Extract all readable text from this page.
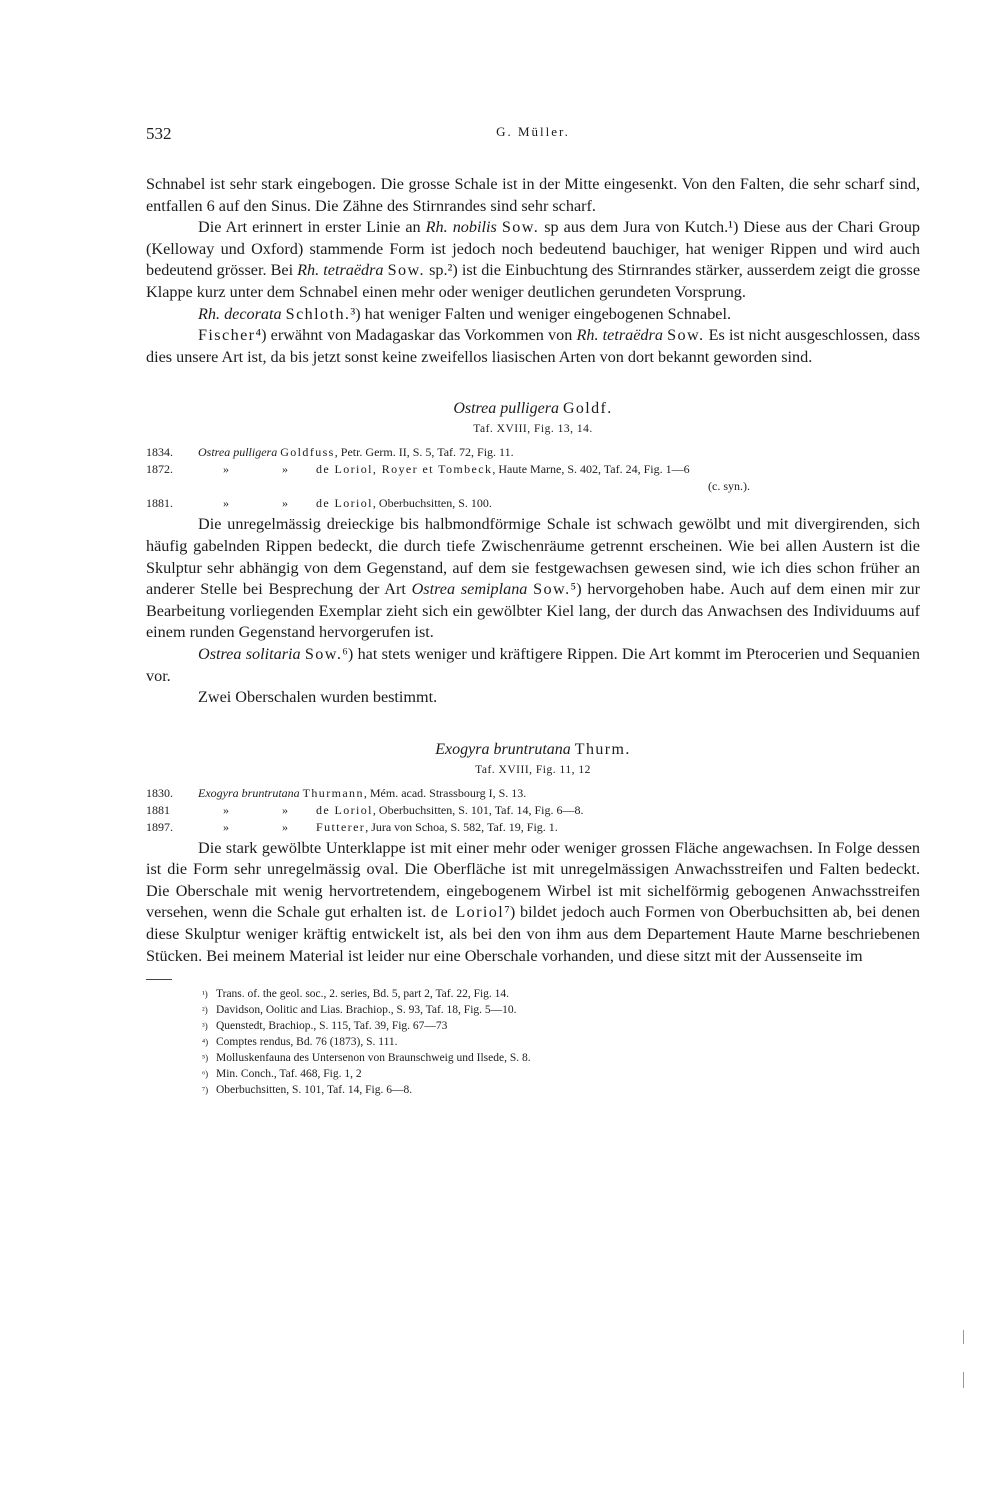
532	G. Müller.

Schnabel ist sehr stark eingebogen. Die grosse Schale ist in der Mitte eingesenkt. Von den Falten, die sehr scharf sind, entfallen 6 auf den Sinus. Die Zähne des Stirnrandes sind sehr scharf.

Die Art erinnert in erster Linie an Rh. nobilis Sow. sp aus dem Jura von Kutch.¹) Diese aus der Chari Group (Kelloway und Oxford) stammende Form ist jedoch noch bedeutend bauchiger, hat weniger Rippen und wird auch bedeutend grösser. Bei Rh. tetraëdra Sow. sp.²) ist die Einbuchtung des Stirnrandes stärker, ausserdem zeigt die grosse Klappe kurz unter dem Schnabel einen mehr oder weniger deutlichen gerundeten Vorsprung.

Rh. decorata Schloth.³) hat weniger Falten und weniger eingebogenen Schnabel.

Fischer⁴) erwähnt von Madagaskar das Vorkommen von Rh. tetraëdra Sow. Es ist nicht ausgeschlossen, dass dies unsere Art ist, da bis jetzt sonst keine zweifellos liasischen Arten von dort bekannt geworden sind.

Ostrea pulligera Goldf.
Taf. XVIII, Fig. 13, 14.
1834.	Ostrea pulligera Goldfuss, Petr. Germ. II, S. 5, Taf. 72, Fig. 11.
1872.	»	»	de Loriol, Royer et Tombeck, Haute Marne, S. 402, Taf. 24, Fig. 1—6
(c. syn.).
1881.	»	»	de Loriol, Oberbuchsitten, S. 100.

Die unregelmässig dreieckige bis halbmondförmige Schale ist schwach gewölbt und mit divergirenden, sich häufig gabelnden Rippen bedeckt, die durch tiefe Zwischenräume getrennt erscheinen. Wie bei allen Austern ist die Skulptur sehr abhängig von dem Gegenstand, auf dem sie festgewachsen gewesen sind, wie ich dies schon früher an anderer Stelle bei Besprechung der Art Ostrea semiplana Sow.⁵) hervorgehoben habe. Auch auf dem einen mir zur Bearbeitung vorliegenden Exemplar zieht sich ein gewölbter Kiel lang, der durch das Anwachsen des Individuums auf einem runden Gegenstand hervorgerufen ist.

Ostrea solitaria Sow.⁶) hat stets weniger und kräftigere Rippen. Die Art kommt im Pterocerien und Sequanien vor.

Zwei Oberschalen wurden bestimmt.

Exogyra bruntrutana Thurm.
Taf. XVIII, Fig. 11, 12
1830.	Exogyra bruntrutana Thurmann, Mém. acad. Strassbourg I, S. 13.
1881	»	»	de Loriol, Oberbuchsitten, S. 101, Taf. 14, Fig. 6—8.
1897.	»	»	Futterer, Jura von Schoa, S. 582, Taf. 19, Fig. 1.

Die stark gewölbte Unterklappe ist mit einer mehr oder weniger grossen Fläche angewachsen. In Folge dessen ist die Form sehr unregelmässig oval. Die Oberfläche ist mit unregelmässigen Anwachsstreifen und Falten bedeckt. Die Oberschale mit wenig hervortretendem, eingebogenem Wirbel ist mit sichelförmig gebogenen Anwachsstreifen versehen, wenn die Schale gut erhalten ist. de Loriol⁷) bildet jedoch auch Formen von Oberbuchsitten ab, bei denen diese Skulptur weniger kräftig entwickelt ist, als bei den von ihm aus dem Departement Haute Marne beschriebenen Stücken. Bei meinem Material ist leider nur eine Oberschale vorhanden, und diese sitzt mit der Aussenseite im

¹) Trans. of. the geol. soc., 2. series, Bd. 5, part 2, Taf. 22, Fig. 14.
²) Davidson, Oolitic and Lias. Brachiop., S. 93, Taf. 18, Fig. 5—10.
³) Quenstedt, Brachiop., S. 115, Taf. 39, Fig. 67—73
⁴) Comptes rendus, Bd. 76 (1873), S. 111.
⁵) Molluskenfauna des Untersenon von Braunschweig und Ilsede, S. 8.
⁶) Min. Conch., Taf. 468, Fig. 1, 2
⁷) Oberbuchsitten, S. 101, Taf. 14, Fig. 6—8.
